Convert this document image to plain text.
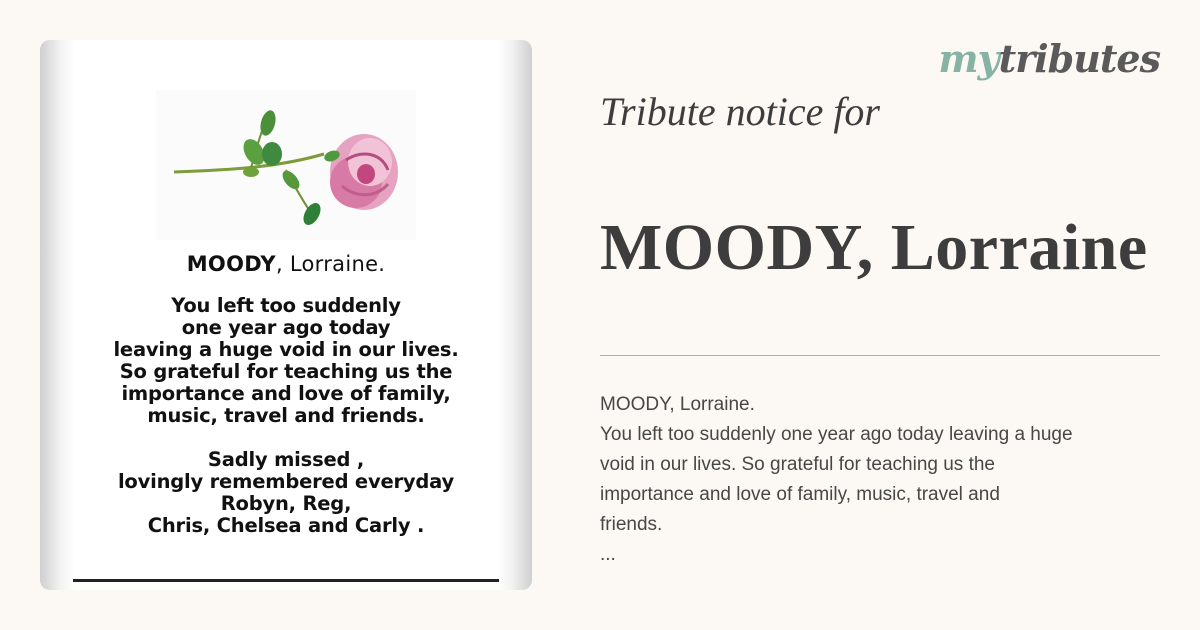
MOODY, Lorraine.
You left too suddenly
one year ago today
leaving a huge void in our lives.
So grateful for teaching us the
importance and love of family,
music, travel and friends.
Sadly missed ,
lovingly remembered everyday
Robyn, Reg,
Chris, Chelsea and Carly .
mytributes
Tribute notice for
MOODY, Lorraine
MOODY, Lorraine.
You left too suddenly one year ago today leaving a huge
void in our lives. So grateful for teaching us the
importance and love of family, music, travel and
friends.
...
